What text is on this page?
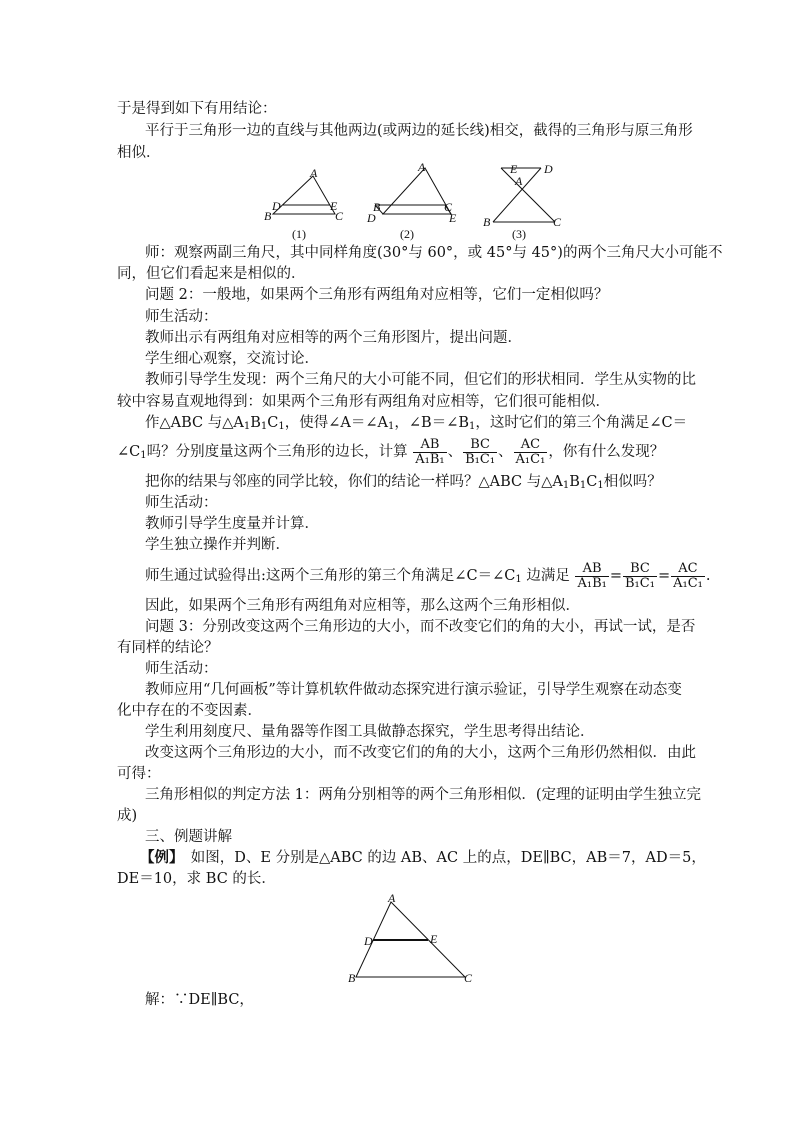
于是得到如下有用结论：
平行于三角形一边的直线与其他两边(或两边的延长线)相交，截得的三角形与原三角形
相似．
A
D	E
B	C
A
B	C
D	E
E D
A
B	C
(1)	(2)	(3)
师：观察两副三角尺，其中同样角度(30°与 60°，或 45°与 45°)的两个三角尺大小可能不
同，但它们看起来是相似的．
问题 2：一般地，如果两个三角形有两组角对应相等，它们一定相似吗？
师生活动：
教师出示有两组角对应相等的两个三角形图片，提出问题．
学生细心观察，交流讨论．
教师引导学生发现：两个三角尺的大小可能不同，但它们的形状相同．学生从实物的比
较中容易直观地得到：如果两个三角形有两组角对应相等，它们很可能相似．
作△ABC 与$\triangle A_1B_1C_1$，使得$\angle A=\angle A_1$，$\angle B=\angle B_1$，这时它们的第三个角满足∠C＝
$\angle C_1$吗？分别度量这两个三角形的边长，计算 $\frac{AB}{\text{A₁B₁}}$ 、 $\frac{BC}{\text{B₁C₁}}$ 、 $\frac{AC}{\text{A₁C₁}}$ ，你有什么发现？
把你的结果与邻座的同学比较，你们的结论一样吗？△ABC 与$\triangle A_1B_1C_1$相似吗？
师生活动：
教师引导学生度量并计算．
学生独立操作并判断．
师生通过试验得出:这两个三角形的第三个角满足$\angle C=\angle C_1$ 边满足 $\frac{AB}{\text{A₁B₁}} = \frac{BC}{\text{B₁C₁}} = \frac{AC}{\text{A₁C₁}}$ .
因此，如果两个三角形有两组角对应相等，那么这两个三角形相似．
问题 3：分别改变这两个三角形边的大小，而不改变它们的角的大小，再试一试，是否
有同样的结论？
师生活动：
教师应用“几何画板”等计算机软件做动态探究进行演示验证，引导学生观察在动态变
化中存在的不变因素．
学生利用刻度尺、量角器等作图工具做静态探究，学生思考得出结论．
改变这两个三角形边的大小，而不改变它们的角的大小，这两个三角形仍然相似．由此
可得：
三角形相似的判定方法 1：两角分别相等的两个三角形相似．(定理的证明由学生独立完
成)
三、例题讲解
【例】　如图，D、E 分别是△ABC 的边 AB、AC 上的点，DE∥BC，AB＝7，AD＝5，
DE＝10，求 BC 的长．
A
D	E
B	C
解：∵DE∥BC，
